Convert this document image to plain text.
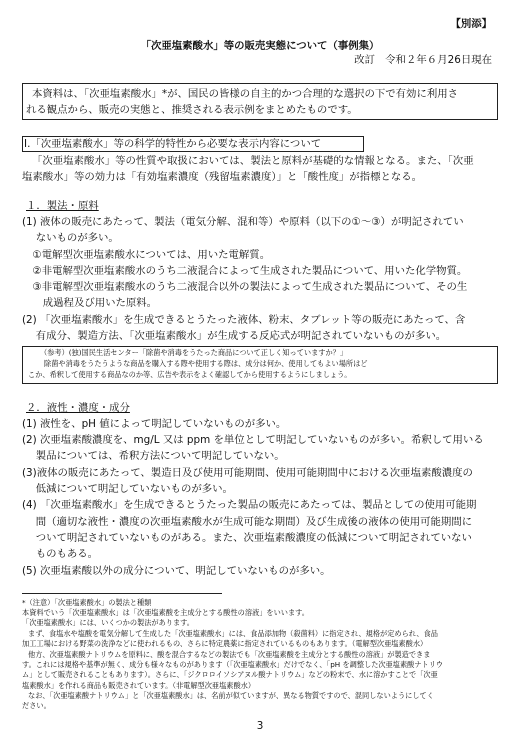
【別添】
「次亜塩素酸水」等の販売実態について（事例集）
改訂　令和２年６月26日現在
本資料は、「次亜塩素酸水」*が、国民の皆様の自主的かつ合理的な選択の下で有効に利用さ
れる観点から、販売の実態と、推奨される表示例をまとめたものです。
Ⅰ.「次亜塩素酸水」等の科学的特性から必要な表示内容について
「次亜塩素酸水」等の性質や取扱においては、製法と原料が基礎的な情報となる。また、「次亜
塩素酸水」等の効力は「有効塩素濃度（残留塩素濃度）」と「酸性度」が指標となる。
１．製法・原料
(1) 液体の販売にあたって、製法（電気分解、混和等）や原料（以下の①～③）が明記されてい
　 ないものが多い。
　①電解型次亜塩素酸水については、用いた電解質。
　②非電解型次亜塩素酸水のうち二液混合によって生成された製品について、用いた化学物質。
　③非電解型次亜塩素酸水のうち二液混合以外の製法によって生成された製品について、その生
　　成過程及び用いた原料。
(2) 「次亜塩素酸水」を生成できるとうたった液体、粉末、タブレット等の販売にあたって、含
　 有成分、製造方法、「次亜塩素酸水」が生成する反応式が明記されていないものが多い。
（参考）(独)国民生活センター「除菌や消毒をうたった商品について正しく知っていますか？」
除菌や消毒をうたうような商品を購入する際や使用する際は、成分は何か、使用してもよい場所はど
こか、希釈して使用する商品なのか等、広告や表示をよく確認してから使用するようにしましょう。
２．液性・濃度・成分
(1) 液性を、pH 値によって明記していないものが多い。
(2) 次亜塩素酸濃度を、mg/L 又は ppm を単位として明記していないものが多い。希釈して用いる
　 製品については、希釈方法について明記していない。
(3)液体の販売にあたって、製造日及び使用可能期間、使用可能期間中における次亜塩素酸濃度の
　 低減について明記していないものが多い。
(4) 「次亜塩素酸水」を生成できるとうたった製品の販売にあたっては、製品としての使用可能期
　 間（適切な液性・濃度の次亜塩素酸水が生成可能な期間）及び生成後の液体の使用可能期間に
　 ついて明記されていないものがある。また、次亜塩素酸濃度の低減について明記されていない
　 ものもある。
(5) 次亜塩素酸以外の成分について、明記していないものが多い。
*（注意）「次亜塩素酸水」の製法と種類
本資料でいう「次亜塩素酸水」は「次亜塩素酸を主成分とする酸性の溶液」をいいます。
「次亜塩素酸水」には、いくつかの製法があります。
まず、食塩水や塩酸を電気分解して生成した「次亜塩素酸水」には、食品添加物（殺菌料）に指定され、規格が定められ、食品
加工工場における野菜の洗浄などに使われるもの、さらに特定農薬に指定されているものもあります。（電解型次亜塩素酸水）
他方、次亜塩素酸ナトリウムを原料に、酸を混合するなどの製法でも「次亜塩素酸を主成分とする酸性の溶液」が製造できま
す。これには規格や基準が無く、成分も様々なものがあります（「次亜塩素酸水」だけでなく、「pH を調整した次亜塩素酸ナトリウ
ム」として販売されることもあります）。さらに、「ジクロロイソシアヌル酸ナトリウム」などの粉末で、水に溶かすことで「次亜
塩素酸水」を作れる商品も販売されています。（非電解型次亜塩素酸水）
なお、「次亜塩素酸ナトリウム」と「次亜塩素酸水」は、名前が似ていますが、異なる物質ですので、混同しないようにしてく
ださい。
3
